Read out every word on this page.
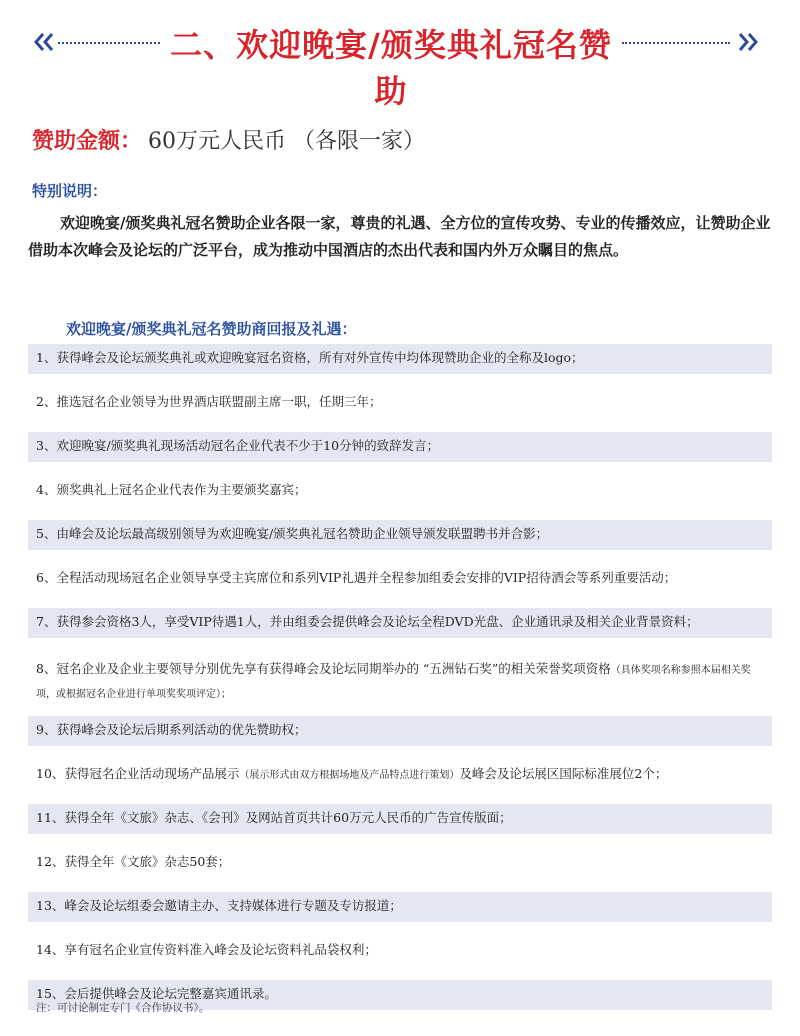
二、欢迎晚宴/颁奖典礼冠名赞助
赞助金额： 60万元人民币 （各限一家）
特别说明：
欢迎晚宴/颁奖典礼冠名赞助企业各限一家，尊贵的礼遇、全方位的宣传攻势、专业的传播效应，让赞助企业借助本次峰会及论坛的广泛平台，成为推动中国酒店的杰出代表和国内外万众瞩目的焦点。
欢迎晚宴/颁奖典礼冠名赞助商回报及礼遇：
1、获得峰会及论坛颁奖典礼或欢迎晚宴冠名资格，所有对外宣传中均体现赞助企业的全称及logo；
2、推选冠名企业领导为世界酒店联盟副主席一职，任期三年；
3、欢迎晚宴/颁奖典礼现场活动冠名企业代表不少于10分钟的致辞发言；
4、颁奖典礼上冠名企业代表作为主要颁奖嘉宾；
5、由峰会及论坛最高级别领导为欢迎晚宴/颁奖典礼冠名赞助企业领导颁发联盟聘书并合影；
6、全程活动现场冠名企业领导享受主宾席位和系列VIP礼遇并全程参加组委会安排的VIP招待酒会等系列重要活动；
7、获得参会资格3人，享受VIP待遇1人，并由组委会提供峰会及论坛全程DVD光盘、企业通讯录及相关企业背景资料；
8、冠名企业及企业主要领导分别优先享有获得峰会及论坛同期举办的 “五洲钻石奖”的相关荣誉奖项资格（具体奖项名称参照本届相关奖项，或根据冠名企业进行单项奖奖项评定）；
9、获得峰会及论坛后期系列活动的优先赞助权；
10、获得冠名企业活动现场产品展示（展示形式由双方根据场地及产品特点进行策划）及峰会及论坛展区国际标准展位2个；
11、获得全年《文旅》杂志、《会刊》及网站首页共计60万元人民币的广告宣传版面；
12、获得全年《文旅》杂志50套；
13、峰会及论坛组委会邀请主办、支持媒体进行专题及专访报道；
14、享有冠名企业宣传资料准入峰会及论坛资料礼品袋权利；
15、会后提供峰会及论坛完整嘉宾通讯录。
注：可讨论制定专门《合作协议书》。
